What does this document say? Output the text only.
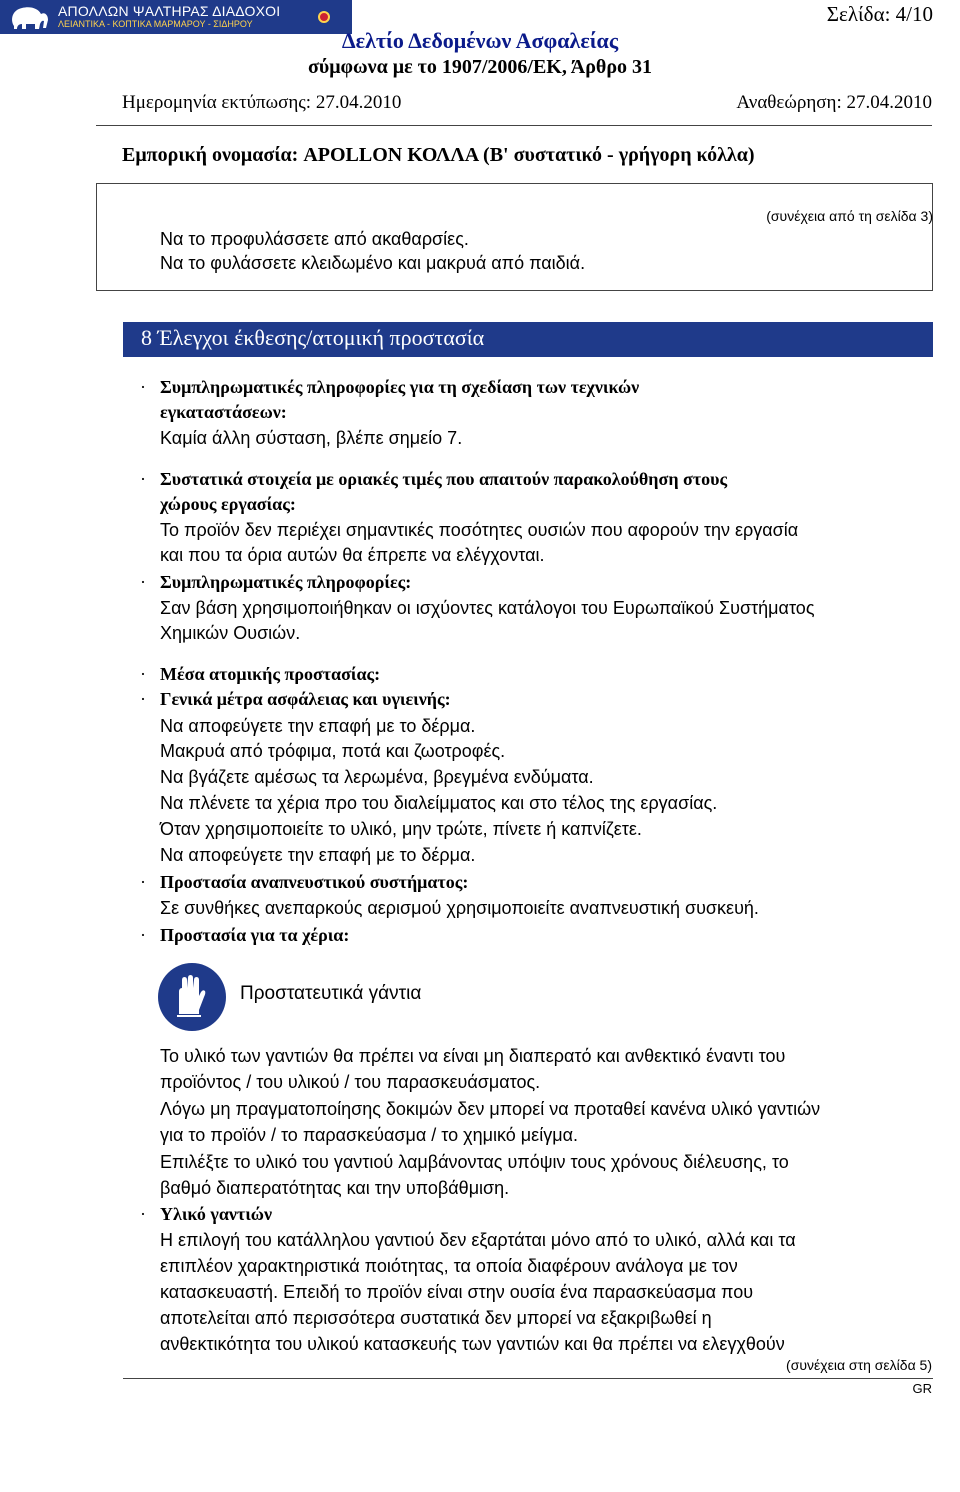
ΑΠΟΛΛΩΝ ΨΑΛΤΗΡΑΣ ΔΙΑΔΟΧΟΙ
ΛΕΙΑΝΤΙΚΑ - ΚΟΠΤΙΚΑ ΜΑΡΜΑΡΟΥ - ΣΙΔΗΡΟΥ	Σελίδα: 4/10
Δελτίο Δεδομένων Ασφαλείας
σύμφωνα με το 1907/2006/ΕΚ, Άρθρο 31
Ημερομηνία εκτύπωσης: 27.04.2010	Αναθεώρηση: 27.04.2010
Εμπορική ονομασία: APOLLON ΚΟΛΛΑ (Β' συστατικό - γρήγορη κόλλα)
(συνέχεια από τη σελίδα 3)
Να το προφυλάσσετε από ακαθαρσίες.
Να το φυλάσσετε κλειδωμένο και μακρυά από παιδιά.
8 Έλεγχοι έκθεσης/ατομική προστασία
· Συμπληρωματικές πληροφορίες για τη σχεδίαση των τεχνικών
εγκαταστάσεων:
Καμία άλλη σύσταση, βλέπε σημείο 7.
· Συστατικά στοιχεία με οριακές τιμές που απαιτούν παρακολούθηση στους
χώρους εργασίας:
Το προϊόν δεν περιέχει σημαντικές ποσότητες ουσιών που αφορούν την εργασία
και που τα όρια αυτών θα έπρεπε να ελέγχονται.
· Συμπληρωματικές πληροφορίες:
Σαν βάση χρησιμοποιήθηκαν οι ισχύοντες κατάλογοι του Ευρωπαϊκού Συστήματος
Χημικών Ουσιών.
· Μέσα ατομικής προστασίας:
· Γενικά μέτρα ασφάλειας και υγιεινής:
Να αποφεύγετε την επαφή με το δέρμα.
Μακρυά από τρόφιμα, ποτά και ζωοτροφές.
Να βγάζετε αμέσως τα λερωμένα, βρεγμένα ενδύματα.
Να πλένετε τα χέρια προ του διαλείμματος και στο τέλος της εργασίας.
Όταν χρησιμοποιείτε το υλικό, μην τρώτε, πίνετε ή καπνίζετε.
Να αποφεύγετε την επαφή με το δέρμα.
· Προστασία αναπνευστικού συστήματος:
Σε συνθήκες ανεπαρκούς αερισμού χρησιμοποιείτε αναπνευστική συσκευή.
· Προστασία για τα χέρια:
Προστατευτικά γάντια
Το υλικό των γαντιών θα πρέπει να είναι μη διαπερατό και ανθεκτικό έναντι του
προϊόντος / του υλικού / του παρασκευάσματος.
Λόγω μη πραγματοποίησης δοκιμών δεν μπορεί να προταθεί κανένα υλικό γαντιών
για το προϊόν / το παρασκεύασμα / το χημικό μείγμα.
Επιλέξτε το υλικό του γαντιού λαμβάνοντας υπόψιν τους χρόνους διέλευσης, το
βαθμό διαπερατότητας και την υποβάθμιση.
· Υλικό γαντιών
Η επιλογή του κατάλληλου γαντιού δεν εξαρτάται μόνο από το υλικό, αλλά και τα
επιπλέον χαρακτηριστικά ποιότητας, τα οποία διαφέρουν ανάλογα με τον
κατασκευαστή. Επειδή το προϊόν είναι στην ουσία ένα παρασκεύασμα που
αποτελείται από περισσότερα συστατικά δεν μπορεί να εξακριβωθεί η
ανθεκτικότητα του υλικού κατασκευής των γαντιών και θα πρέπει να ελεγχθούν
(συνέχεια στη σελίδα 5)
GR
